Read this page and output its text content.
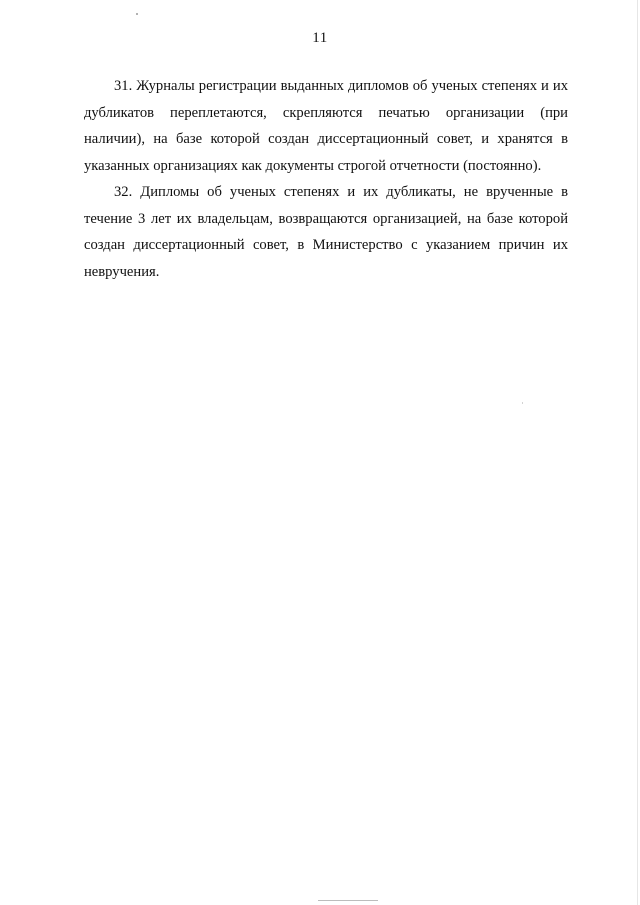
11

31. Журналы регистрации выданных дипломов об ученых степенях и их дубликатов переплетаются, скрепляются печатью организации (при наличии), на базе которой создан диссертационный совет, и хранятся в указанных организациях как документы строгой отчетности (постоянно).

32. Дипломы об ученых степенях и их дубликаты, не врученные в течение 3 лет их владельцам, возвращаются организацией, на базе которой создан диссертационный совет, в Министерство с указанием причин их невручения.
